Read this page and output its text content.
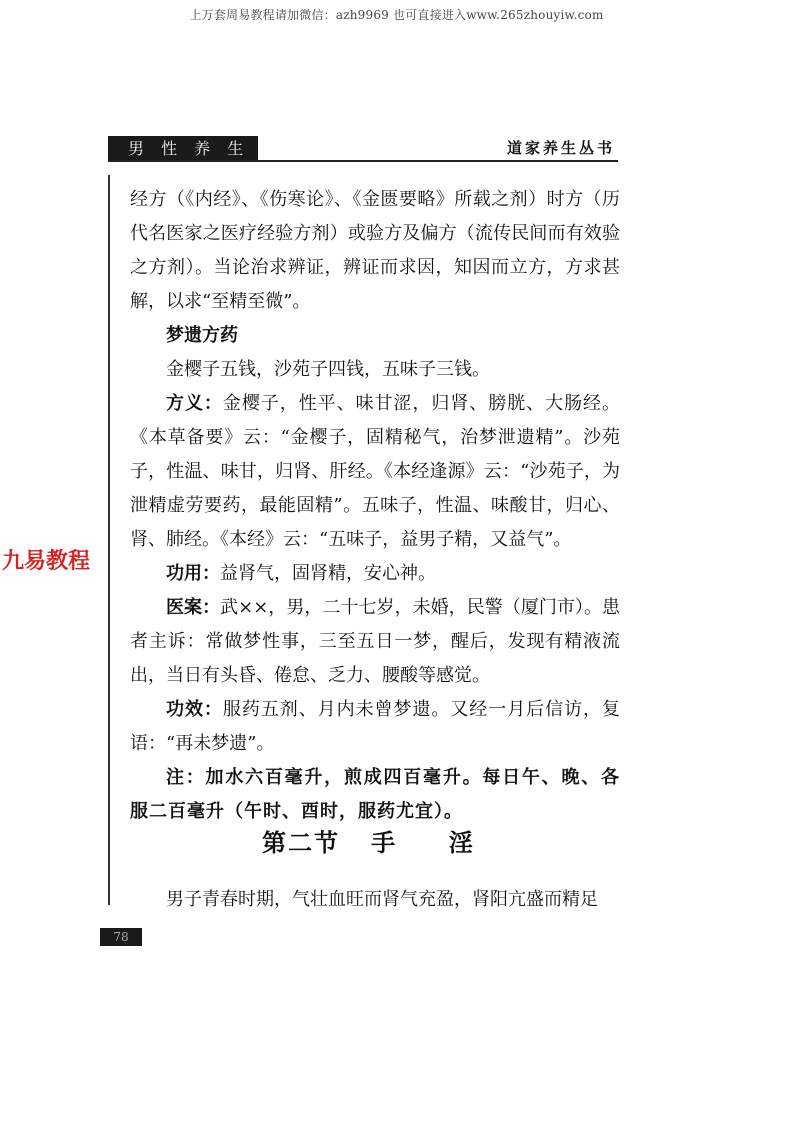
上万套周易教程请加微信：azh9969 也可直接进入www.265zhouyiw.com
男 性 养 生	道家养生丛书

经方（《内经》、《伤寒论》、《金匮要略》所载之剂）时方（历代名医家之医疗经验方剂）或验方及偏方（流传民间而有效验之方剂）。当论治求辨证，辨证而求因，知因而立方，方求甚解，以求“至精至微”。

梦遗方药

金樱子五钱，沙苑子四钱，五味子三钱。

方义：金樱子，性平、味甘涩，归肾、膀胱、大肠经。《本草备要》云：“金樱子，固精秘气，治梦泄遗精”。沙苑子，性温、味甘，归肾、肝经。《本经逢源》云：“沙苑子，为泄精虚劳要药，最能固精”。五味子，性温、味酸甘，归心、肾、肺经。《本经》云：“五味子，益男子精，又益气”。

功用：益肾气，固肾精，安心神。

医案：武××，男，二十七岁，未婚，民警（厦门市）。患者主诉：常做梦性事，三至五日一梦，醒后，发现有精液流出，当日有头昏、倦怠、乏力、腰酸等感觉。

功效：服药五剂、月内未曾梦遗。又经一月后信访，复语：“再未梦遗”。

注：加水六百毫升，煎成四百毫升。每日午、晚、各服二百毫升（午时、酉时，服药尤宜）。

第二节   手     淫
男子青春时期，气壮血旺而肾气充盈，肾阳亢盛而精足
78
九易教程
